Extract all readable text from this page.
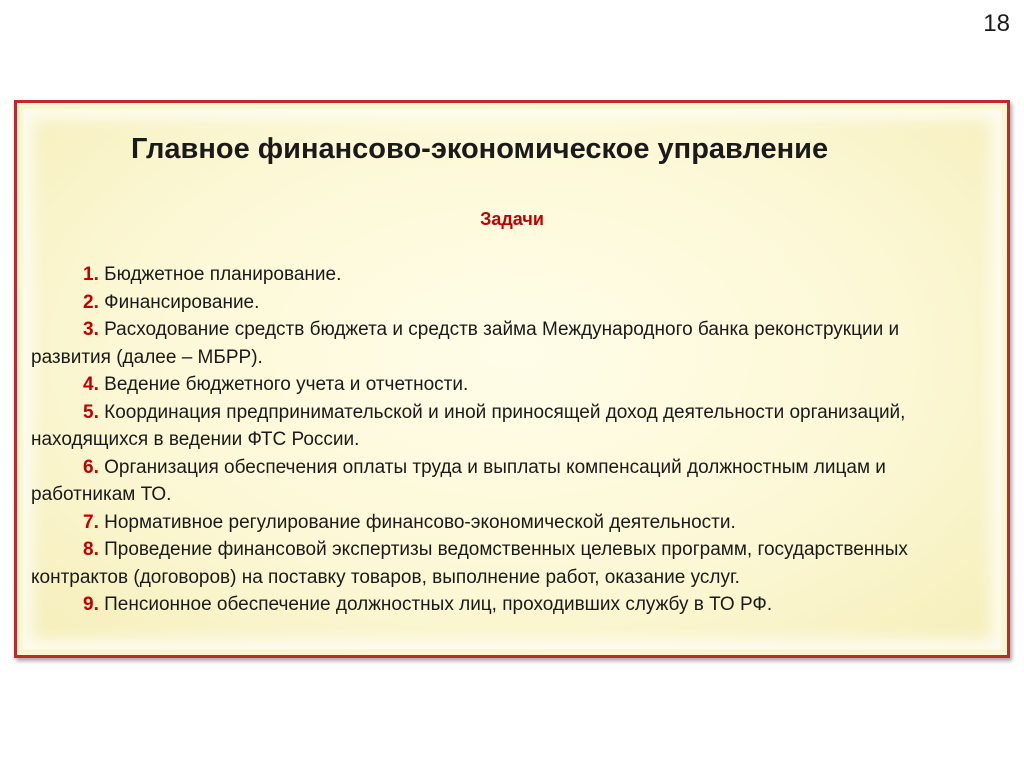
18
Главное финансово-экономическое управление
Задачи
1. Бюджетное планирование.
2. Финансирование.
3. Расходование средств бюджета и средств займа Международного банка реконструкции и развития (далее – МБРР).
4. Ведение бюджетного учета и отчетности.
5. Координация предпринимательской и иной приносящей доход деятельности организаций, находящихся в ведении ФТС России.
6. Организация обеспечения оплаты труда и выплаты компенсаций должностным лицам и работникам ТО.
7. Нормативное регулирование финансово-экономической деятельности.
8. Проведение финансовой экспертизы ведомственных целевых программ, государственных контрактов (договоров) на поставку товаров, выполнение работ, оказание услуг.
9. Пенсионное обеспечение должностных лиц, проходивших службу в ТО РФ.
